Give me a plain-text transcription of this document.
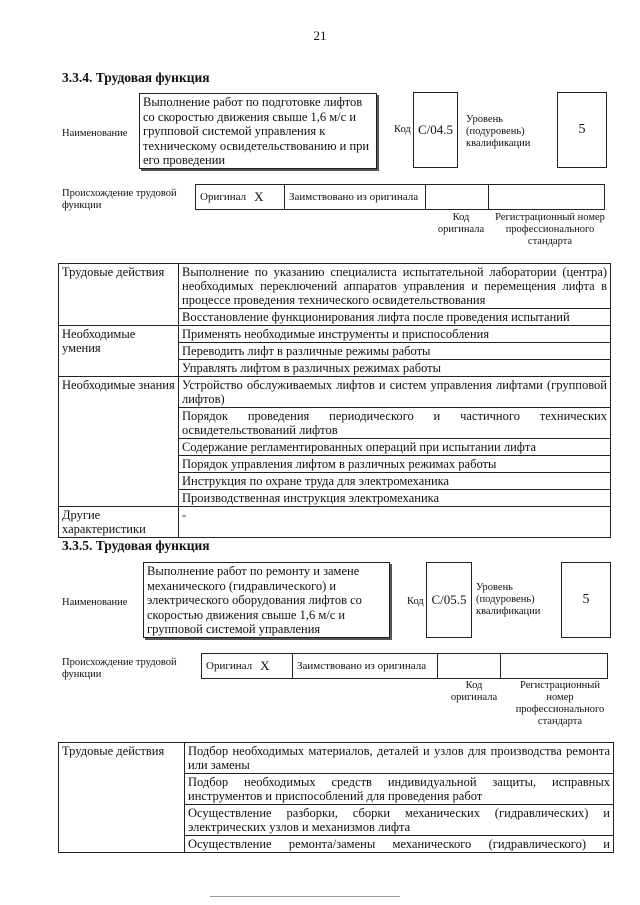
21
3.3.4. Трудовая функция
Наименование
Выполнение работ по подготовке лифтов со скоростью движения свыше 1,6 м/с и групповой системой управления к техническому освидетельствованию и при его проведении
Код C/04.5
Уровень (подуровень) квалификации
5
Происхождение трудовой функции
Оригинал X	Заимствовано из оригинала
Код оригинала
Регистрационный номер профессионального стандарта
Трудовые действия	Выполнение по указанию специалиста испытательной лаборатории (центра) необходимых переключений аппаратов управления и перемещения лифта в процессе проведения технического освидетельствования
	Восстановление функционирования лифта после проведения испытаний
Необходимые умения	Применять необходимые инструменты и приспособления
	Переводить лифт в различные режимы работы
	Управлять лифтом в различных режимах работы
Необходимые знания	Устройство обслуживаемых лифтов и систем управления лифтами (групповой лифтов)
	Порядок проведения периодического и частичного технических освидетельствований лифтов
	Содержание регламентированных операций при испытании лифта
	Порядок управления лифтом в различных режимах работы
	Инструкция по охране труда для электромеханика
	Производственная инструкция электромеханика
Другие характеристики	-
3.3.5. Трудовая функция
Наименование
Выполнение работ по ремонту и замене механического (гидравлического) и электрического оборудования лифтов со скоростью движения свыше 1,6 м/с и групповой системой управления
Код C/05.5
Уровень (подуровень) квалификации
5
Происхождение трудовой функции
Оригинал X	Заимствовано из оригинала
Код оригинала
Регистрационный номер профессионального стандарта
Трудовые действия	Подбор необходимых материалов, деталей и узлов для производства ремонта или замены
Подбор необходимых средств индивидуальной защиты, исправных инструментов и приспособлений для проведения работ
Осуществление разборки, сборки механических (гидравлических) и электрических узлов и механизмов лифта
Осуществление ремонта/замены механического (гидравлического) и
